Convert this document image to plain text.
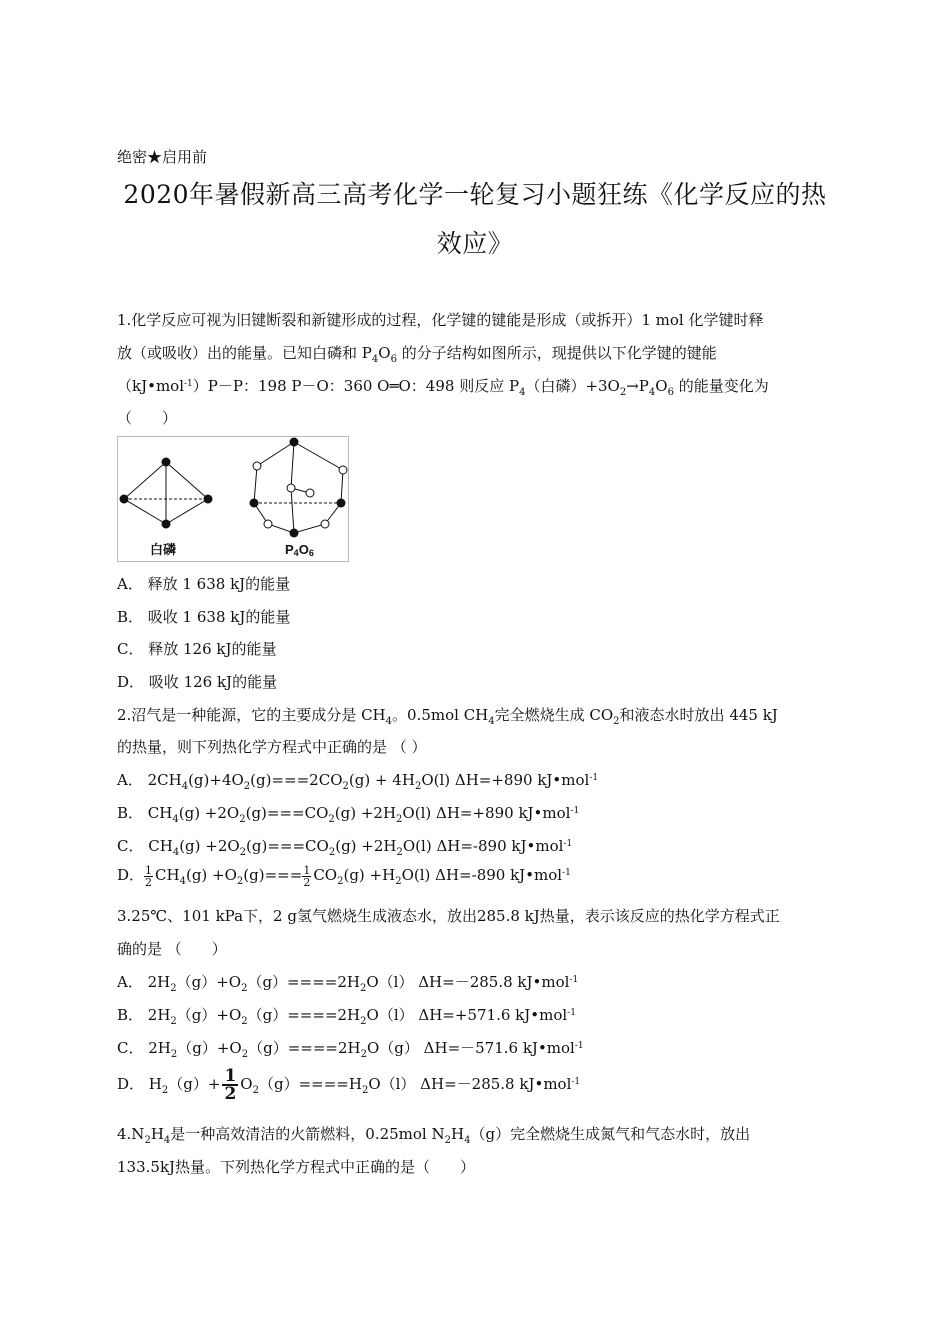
绝密★启用前
2020年暑假新高三高考化学一轮复习小题狂练《化学反应的热
效应》
1.化学反应可视为旧键断裂和新键形成的过程，化学键的键能是形成（或拆开）1 mol 化学键时释
放（或吸收）出的能量。已知白磷和 $P_4O_6$ 的分子结构如图所示，现提供以下化学键的键能
（kJ•mol$^{-1}$）P－P：198 P－O：360 O═O：498 则反应 $P_4$（白磷）$+3O_2\to P_4O_6$ 的能量变化为
（　　）
白磷	P4O6
A． 释放 1 638 kJ的能量
B． 吸收 1 638 kJ的能量
C． 释放 126 kJ的能量
D． 吸收 126 kJ的能量
2.沼气是一种能源，它的主要成分是 $CH_4$。0.5mol $CH_4$完全燃烧生成 $CO_2$和液态水时放出 445 kJ
的热量，则下列热化学方程式中正确的是 （ ）
A． $2CH_4(g)+4O_2(g)===2CO_2(g) + 4H_2O(l)$ ΔH=+890 kJ•mol$^{-1}$
B． $CH_4(g) +2O_2(g)===CO_2(g) +2H_2O(l)$ ΔH=+890 kJ•mol$^{-1}$
C． $CH_4(g) +2O_2(g)===CO_2(g) +2H_2O(l)$ ΔH=-890 kJ•mol$^{-1}$
D． $\frac{1}{2} CH_4(g) +O_2(g)=== \frac{1}{2} CO_2(g) +H_2O(l)$ ΔH=-890 kJ•mol$^{-1}$
3.25℃、101 kPa下，2 g氢气燃烧生成液态水，放出285.8 kJ热量，表示该反应的热化学方程式正
确的是 （　　）
A． $2H_2(g)+O_2(g)====2H_2O(l)$ ΔH=－285.8 kJ•mol$^{-1}$
B． $2H_2(g)+O_2(g)====2H_2O(l)$ ΔH=+571.6 kJ•mol$^{-1}$
C． $2H_2(g)+O_2(g)====2H_2O(g)$ ΔH=－571.6 kJ•mol$^{-1}$
D． $H_2(g)+ \frac{1}{2} O_2(g)====H_2O(l)$ ΔH=－285.8 kJ•mol$^{-1}$
$4.N_2H_4$是一种高效清洁的火箭燃料，0.25mol $N_2H_4(g)$完全燃烧生成氮气和气态水时，放出
133.5kJ热量。下列热化学方程式中正确的是（　　）
